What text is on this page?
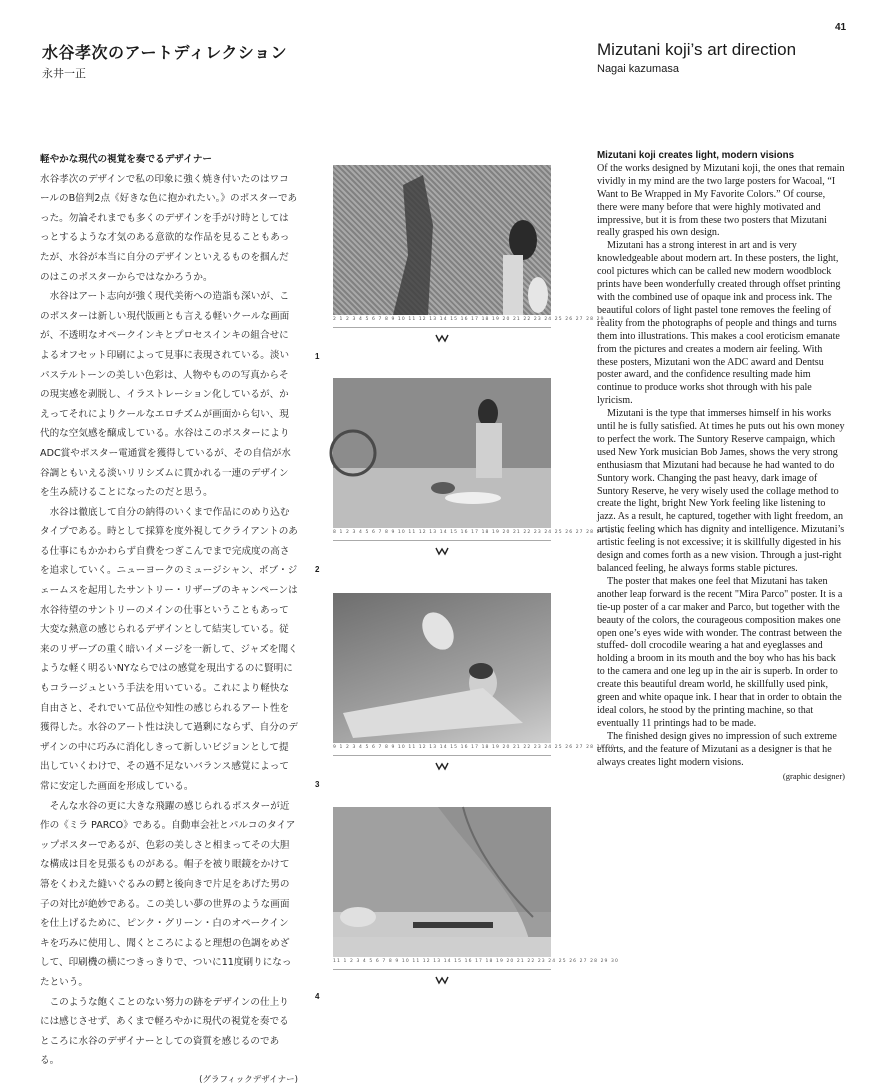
41
水谷孝次のアートディレクション
永井一正
Mizutani koji’s art direction
Nagai kazumasa
軽やかな現代の視覚を奏でるデザイナー

水谷孝次のデザインで私の印象に強く焼き付いたのはワコールのB倍判2点《好きな色に抱かれたい。》のポスターであった。勿論それまでも多くのデザインを手がけ時としてはっとするような才気のある意欲的な作品を見ることもあったが、水谷が本当に自分のデザインといえるものを掴んだのはこのポスターからではなかろうか。

水谷はアート志向が強く現代美術への造詣も深いが、このポスターは新しい現代版画とも言える軽いクールな画面が、不透明なオペークインキとプロセスインキの組合せによるオフセット印刷によって見事に表現されている。淡いパステルトーンの美しい色彩は、人物やものの写真からその現実感を剥脱し、イラストレーション化しているが、かえってそれによりクールなエロチズムが画面から匂い、現代的な空気感を醸成している。水谷はこのポスターによりADC賞やポスター電通賞を獲得しているが、その自信が水谷調ともいえる淡いリリシズムに貫かれる一連のデザインを生み続けることになったのだと思う。

水谷は徹底して自分の納得のいくまで作品にのめり込むタイプである。時として採算を度外視してクライアントのある仕事にもかかわらず自費をつぎこんでまで完成度の高さを追求していく。ニューヨークのミュージシャン、ボブ・ジェームスを起用したサントリー・リザーブのキャンペーンは水谷待望のサントリーのメインの仕事ということもあって大変な熱意の感じられるデザインとして結実している。従来のリザーブの重く暗いイメージを一新して、ジャズを聞くような軽く明るいNYならではの感覚を現出するのに賢明にもコラージュという手法を用いている。これにより軽快な自由さと、それでいて品位や知性の感じられるアート性を獲得した。水谷のアート性は決して過剰にならず、自分のデザインの中に巧みに消化しきって新しいビジョンとして提出していくわけで、その過不足ないバランス感覚によって常に安定した画面を形成している。

そんな水谷の更に大きな飛躍の感じられるポスターが近作の《ミラ PARCO》である。自動車会社とパルコのタイアップポスターであるが、色彩の美しさと相まってその大胆な構成は目を見張るものがある。帽子を被り眼鏡をかけて箒をくわえた縫いぐるみの鰐と後向きで片足をあげた男の子の対比が絶妙である。この美しい夢の世界のような画面を仕上げるために、ピンク・グリーン・白のオペークインキを巧みに使用し、聞くところによると理想の色調をめざして、印刷機の横につきっきりで、ついに11度刷りになったという。

このような飽くことのない努力の跡をデザインの仕上りには感じさせず、あくまで軽ろやかに現代の視覚を奏でるところに水谷のデザイナーとしての資質を感じるのである。

(グラフィックデザイナー)
2 1 2 3 4 5 6 7 8 9 10 11 12 13 14 15 16 17 18 19 20 21 22 23 24 25 26 27 28 29
1
8 1 2 3 4 5 6 7 8 9 10 11 12 13 14 15 16 17 18 19 20 21 22 23 24 25 26 27 28 29 30 31
2
9 1 2 3 4 5 6 7 8 9 10 11 12 13 14 15 16 17 18 19 20 21 22 23 24 25 26 27 28 29 30
3
11 1 2 3 4 5 6 7 8 9 10 11 12 13 14 15 16 17 18 19 20 21 22 23 24 25 26 27 28 29 30
4
Mizutani koji creates light, modern visions

Of the works designed by Mizutani koji, the ones that remain vividly in my mind are the two large posters for Wacoal, “I Want to Be Wrapped in My Favorite Colors.” Of course, there were many before that were highly motivated and impressive, but it is from these two posters that Mizutani really grasped his own design.

Mizutani has a strong interest in art and is very knowledgeable about modern art. In these posters, the light, cool pictures which can be called new modern woodblock prints have been wonderfully created through offset printing with the combined use of opaque ink and process ink. The beautiful colors of light pastel tone removes the feeling of reality from the photographs of people and things and turns them into illustrations. This makes a cool eroticism emanate from the pictures and creates a modern air feeling. With these posters, Mizutani won the ADC award and Dentsu poster award, and the confidence resulting made him continue to produce works shot through with his pale lyricism.

Mizutani is the type that immerses himself in his works until he is fully satisfied. At times he puts out his own money to perfect the work. The Suntory Reserve campaign, which used New York musician Bob James, shows the very strong enthusiasm that Mizutani had because he had wanted to do Suntory work. Changing the past heavy, dark image of Suntory Reserve, he very wisely used the collage method to create the light, bright New York feeling like listening to jazz. As a result, he captured, together with light freedom, an artistic feeling which has dignity and intelligence. Mizutani’s artistic feeling is not excessive; it is skillfully digested in his design and comes forth as a new vision. Through a just-right balanced feeling, he always forms stable pictures.

The poster that makes one feel that Mizutani has taken another leap forward is the recent "Mira Parco" poster. It is a tie-up poster of a car maker and Parco, but together with the beauty of the colors, the courageous composition makes one open one’s eyes wide with wonder. The contrast between the stuffed- doll crocodile wearing a hat and eyeglasses and holding a broom in its mouth and the boy who has his back to the camera and one leg up in the air is superb. In order to create this beautiful dream world, he skillfully used pink, green and white opaque ink. I hear that in order to obtain the ideal colors, he stood by the printing machine, so that eventually 11 printings had to be made.

The finished design gives no impression of such extreme efforts, and the feature of Mizutani as a designer is that he always creates light modern visions.

(graphic designer)
